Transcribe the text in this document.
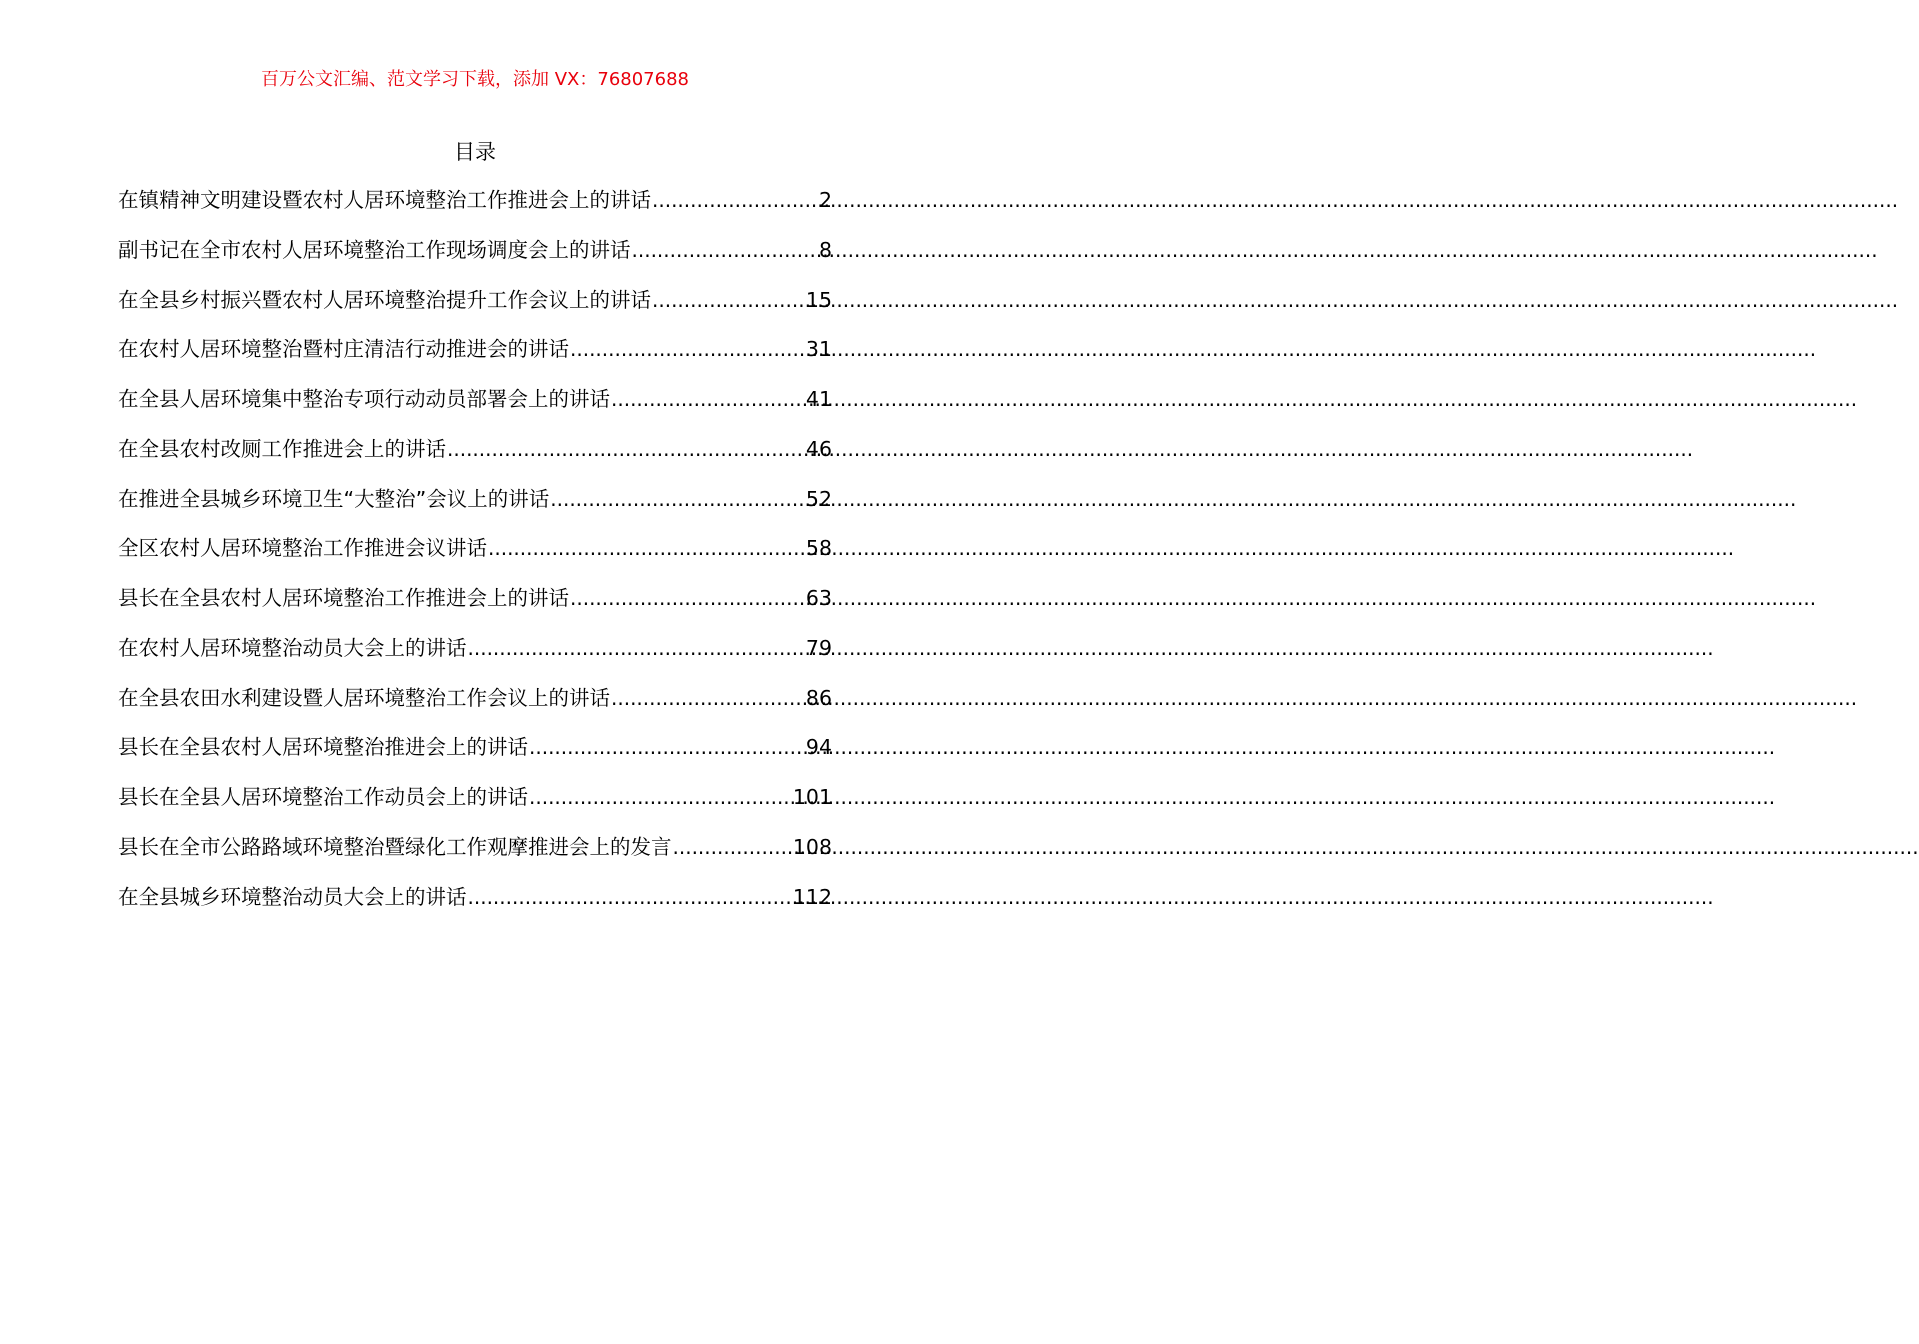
百万公文汇编、范文学习下载，添加 VX：76807688
目录
在镇精神文明建设暨农村人居环境整治工作推进会上的讲话 .....	2
副书记在全市农村人居环境整治工作现场调度会上的讲话 .....	8
在全县乡村振兴暨农村人居环境整治提升工作会议上的讲话 .....	15
在农村人居环境整治暨村庄清洁行动推进会的讲话 .....	31
在全县人居环境集中整治专项行动动员部署会上的讲话 .....	41
在全县农村改厕工作推进会上的讲话 .....	46
在推进全县城乡环境卫生“大整治”会议上的讲话 .....	52
全区农村人居环境整治工作推进会议讲话 .....	58
县长在全县农村人居环境整治工作推进会上的讲话 .....	63
在农村人居环境整治动员大会上的讲话 .....	79
在全县农田水利建设暨人居环境整治工作会议上的讲话 .....	86
县长在全县农村人居环境整治推进会上的讲话 .....	94
县长在全县人居环境整治工作动员会上的讲话 .....	101
县长在全市公路路域环境整治暨绿化工作观摩推进会上的发言 .....	108
在全县城乡环境整治动员大会上的讲话 .....	112
